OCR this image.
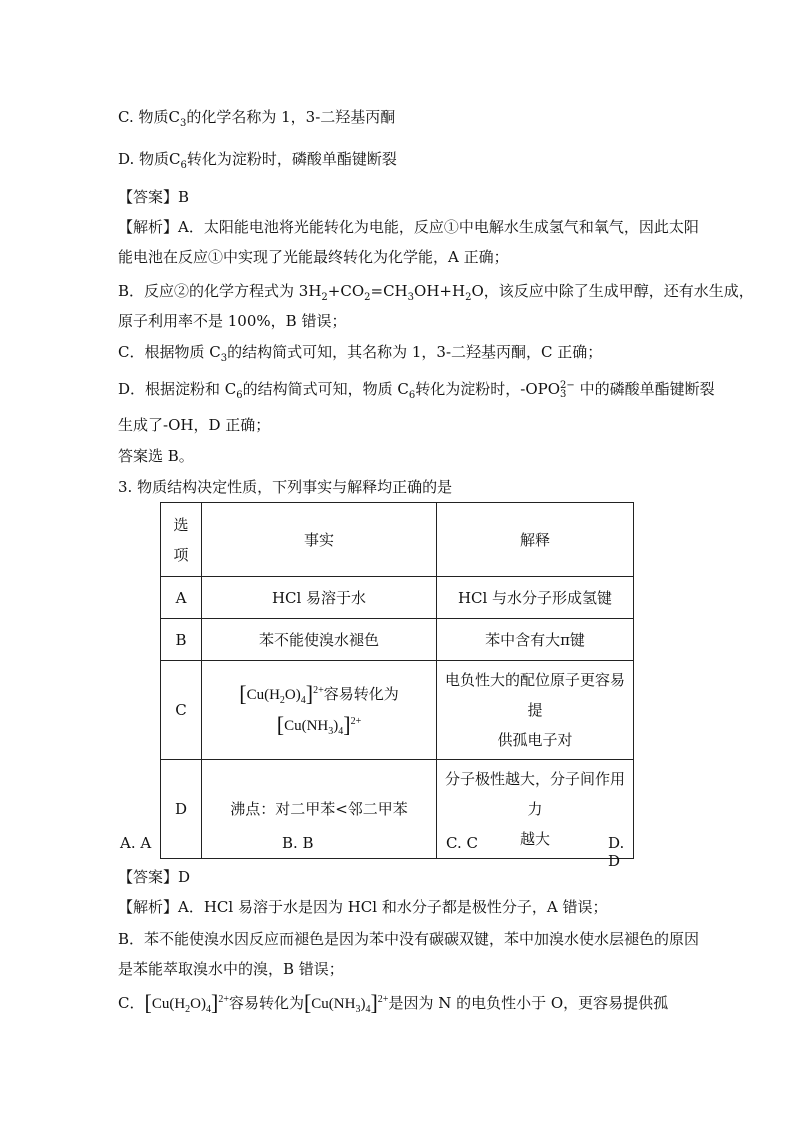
C. 物质$C_3$的化学名称为 1，3-二羟基丙酮
D. 物质$C_6$转化为淀粉时，磷酸单酯键断裂
【答案】B
【解析】A．太阳能电池将光能转化为电能，反应①中电解水生成氢气和氧气，因此太阳
能电池在反应①中实现了光能最终转化为化学能，A 正确；
B．反应②的化学方程式为 $3H_2+CO_2=CH_3OH+H_2O$，该反应中除了生成甲醇，还有水生成，
原子利用率不是 100%，B 错误；
C．根据物质 $C_3$的结构简式可知，其名称为 1，3-二羟基丙酮，C 正确；
D．根据淀粉和 $C_6$的结构简式可知，物质 $C_6$转化为淀粉时，-OPO 2−
3 中的磷酸单酯键断裂
生成了-OH，D 正确；
答案选 B。
3. 物质结构决定性质，下列事实与解释均正确的是
选
项	事实	解释
A	HCl 易溶于水	HCl 与水分子形成氢键
B	苯不能使溴水褪色	苯中含有大π键
C	$[Cu(H_2O)_4]^{2+}$容易转化为
$[Cu(NH_3)_4]^{2+}$	电负性大的配位原子更容易提
供孤电子对
D	沸点：对二甲苯<邻二甲苯	分子极性越大，分子间作用力
越大
A. A	B. B	C. C	D. D
【答案】D
【解析】A．HCl 易溶于水是因为 HCl 和水分子都是极性分子，A 错误；
B．苯不能使溴水因反应而褪色是因为苯中没有碳碳双键，苯中加溴水使水层褪色的原因
是苯能萃取溴水中的溴，B 错误；
C．$[Cu(H_2O)_4]^{2+}$容易转化为$[Cu(NH_3)_4]^{2+}$是因为 N 的电负性小于 O，更容易提供孤
